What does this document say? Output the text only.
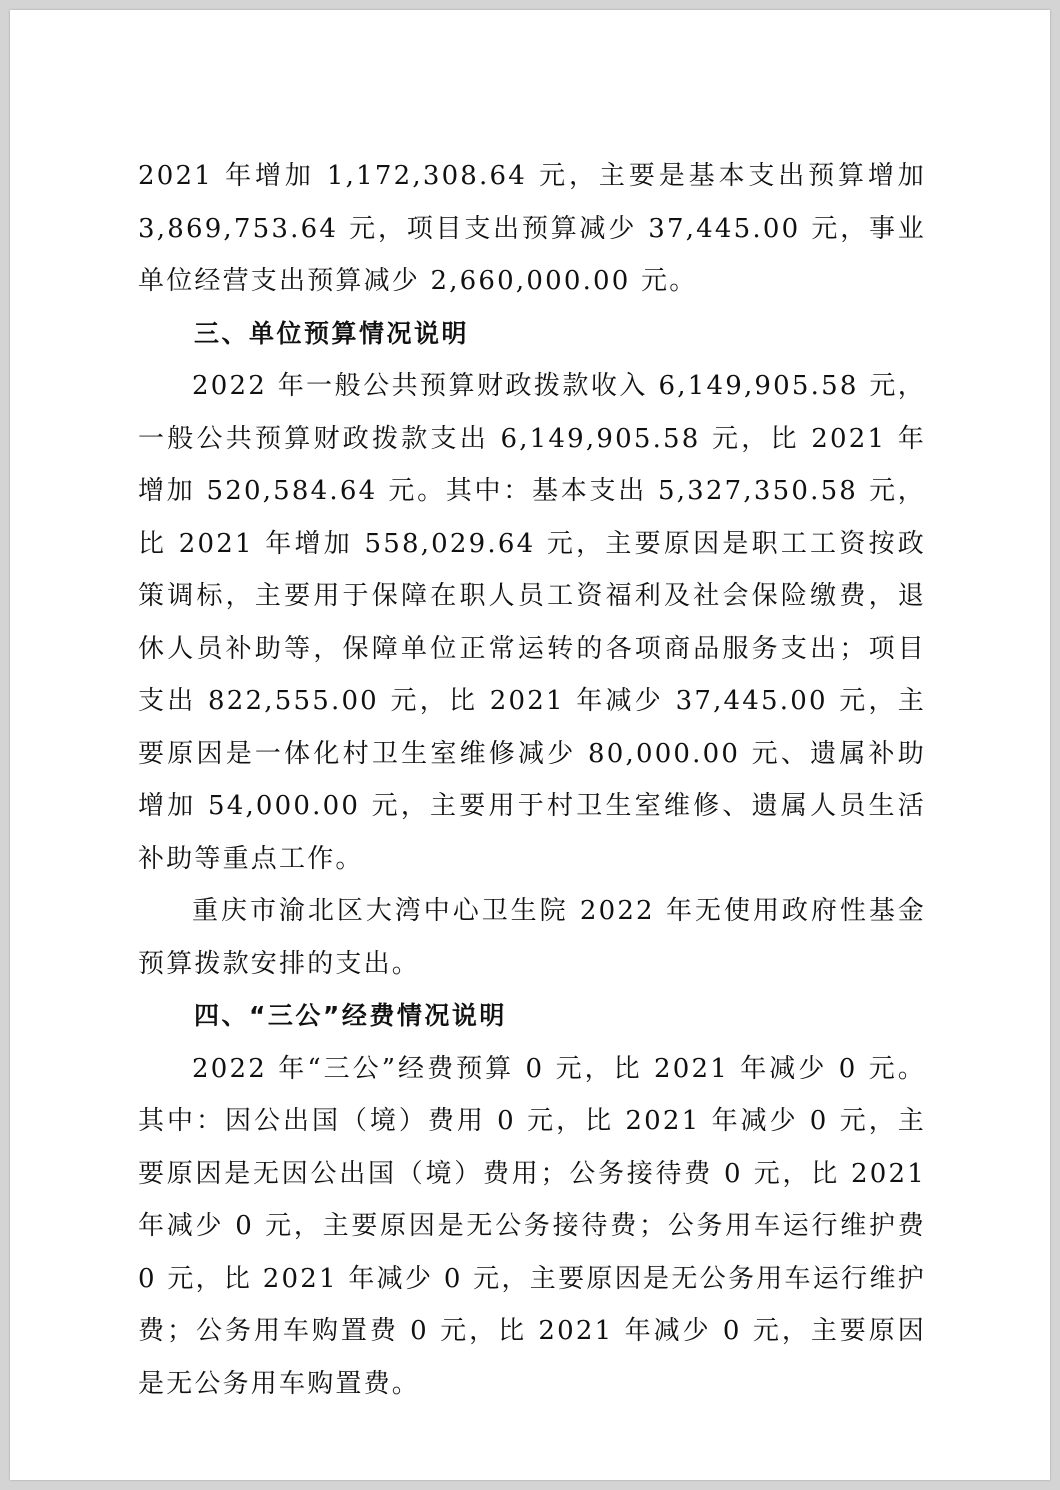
2021 年增加 1,172,308.64 元，主要是基本支出预算增加 3,869,753.64 元，项目支出预算减少 37,445.00 元，事业单位经营支出预算减少 2,660,000.00 元。

三、单位预算情况说明

2022 年一般公共预算财政拨款收入 6,149,905.58 元，一般公共预算财政拨款支出 6,149,905.58 元，比 2021 年增加 520,584.64 元。其中：基本支出 5,327,350.58 元，比 2021 年增加 558,029.64 元，主要原因是职工工资按政策调标，主要用于保障在职人员工资福利及社会保险缴费，退休人员补助等，保障单位正常运转的各项商品服务支出；项目支出 822,555.00 元，比 2021 年减少 37,445.00 元，主要原因是一体化村卫生室维修减少 80,000.00 元、遗属补助增加 54,000.00 元，主要用于村卫生室维修、遗属人员生活补助等重点工作。

重庆市渝北区大湾中心卫生院 2022 年无使用政府性基金预算拨款安排的支出。

四、“三公”经费情况说明

2022 年“三公”经费预算 0 元，比 2021 年减少 0 元。其中：因公出国（境）费用 0 元，比 2021 年减少 0 元，主要原因是无因公出国（境）费用；公务接待费 0 元，比 2021 年减少 0 元，主要原因是无公务接待费；公务用车运行维护费 0 元，比 2021 年减少 0 元，主要原因是无公务用车运行维护费；公务用车购置费 0 元，比 2021 年减少 0 元，主要原因是无公务用车购置费。
